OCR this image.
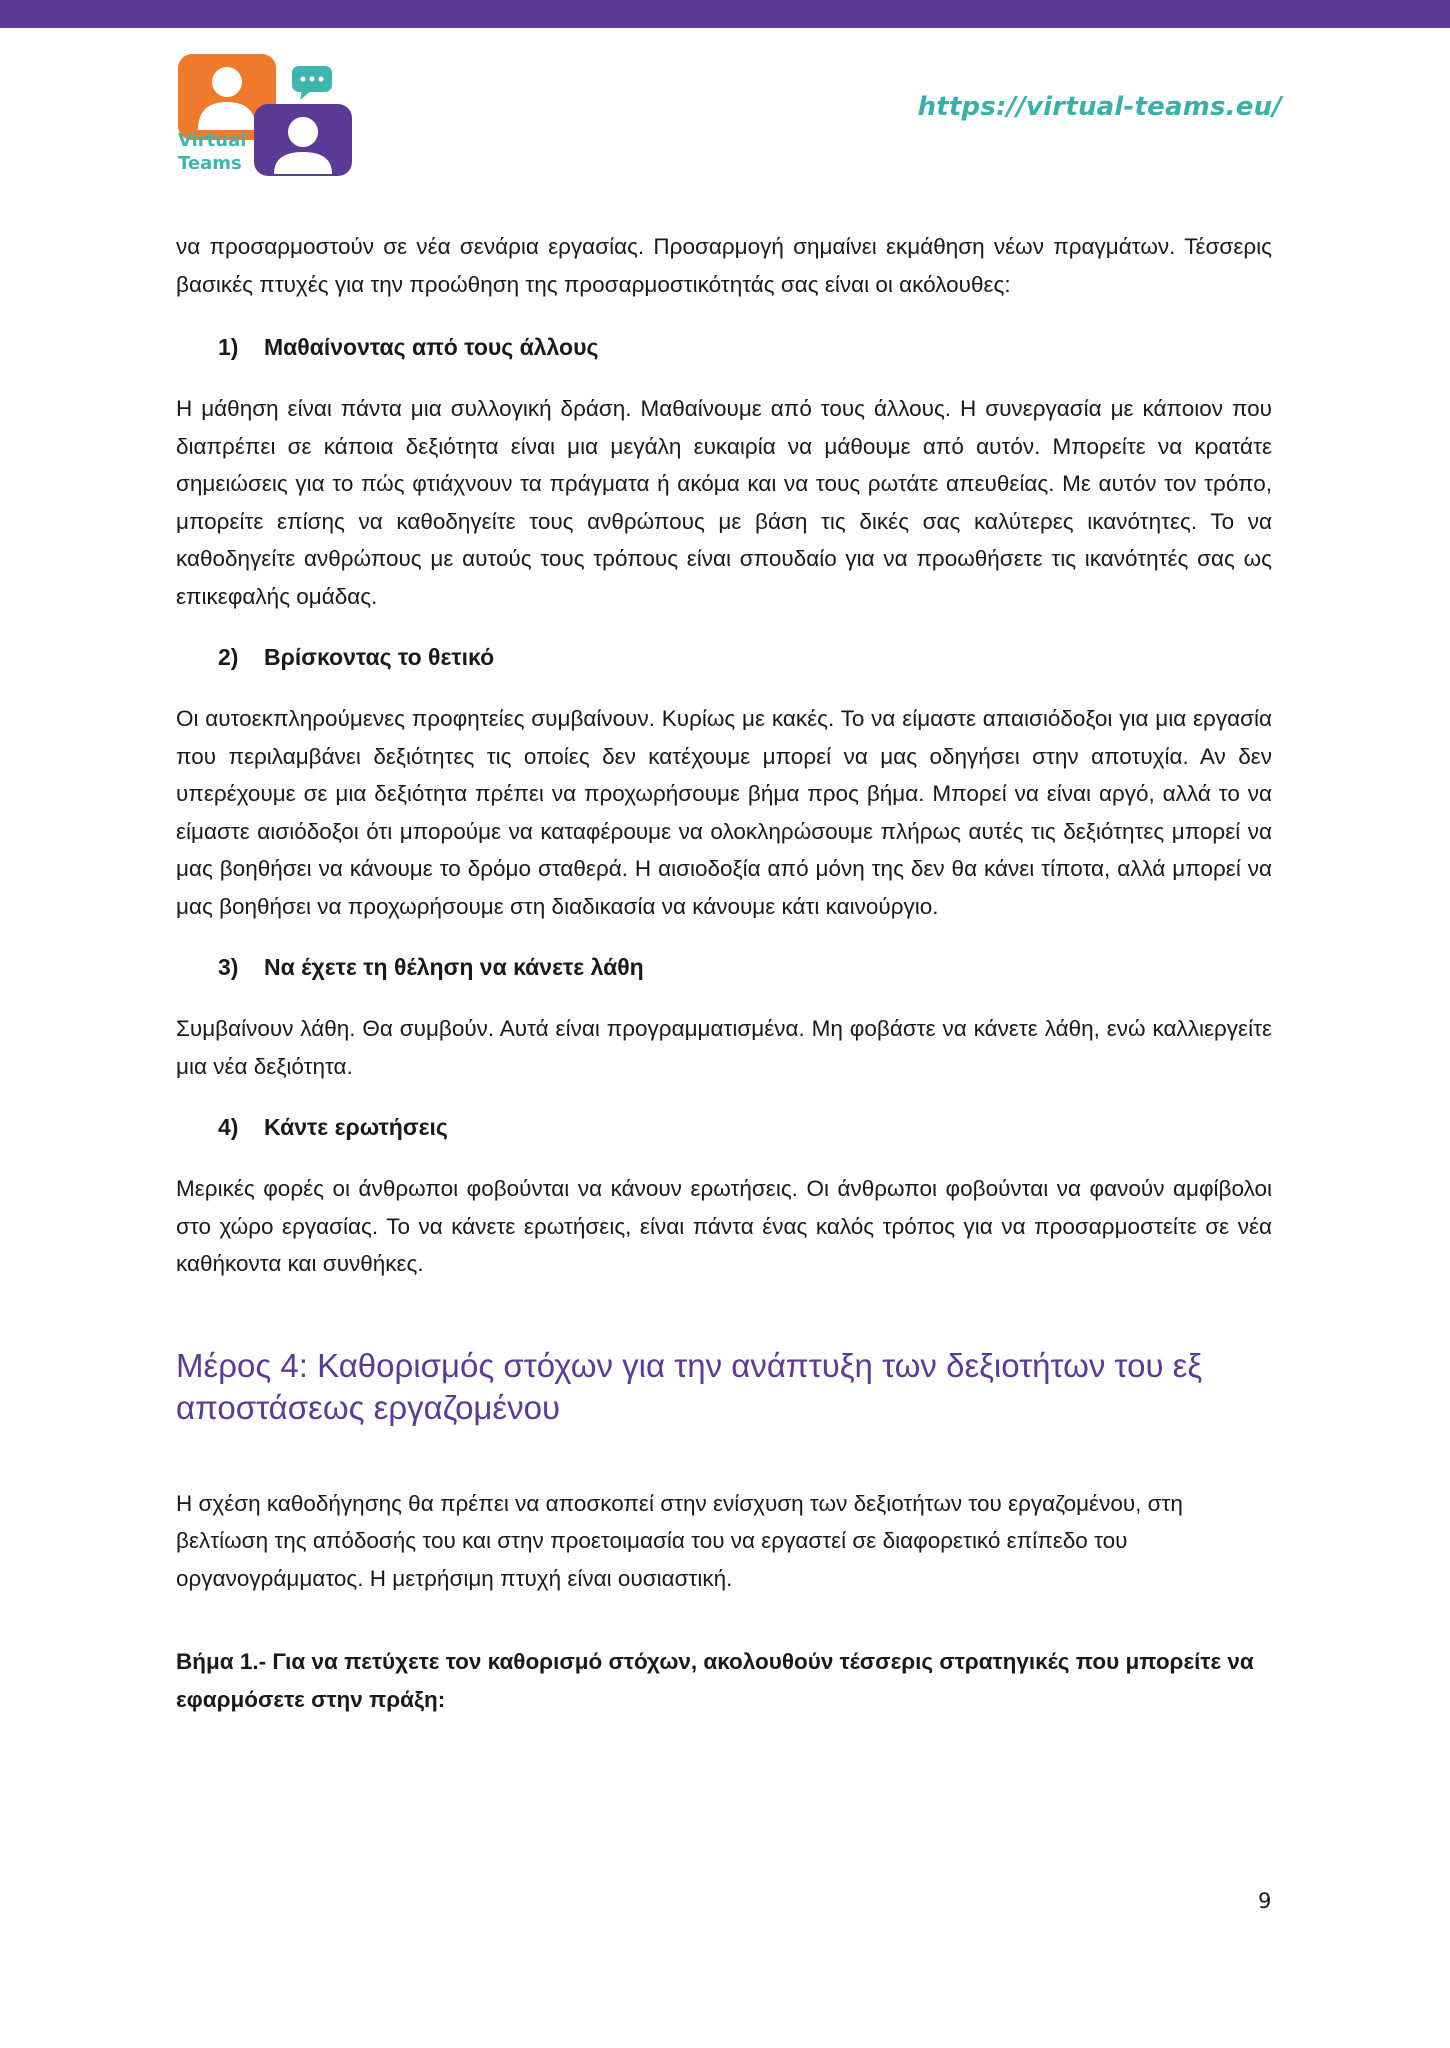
Virtual
Teams
https://virtual-teams.eu/

να προσαρμοστούν σε νέα σενάρια εργασίας. Προσαρμογή σημαίνει εκμάθηση νέων πραγμάτων. Τέσσερις βασικές πτυχές για την προώθηση της προσαρμοστικότητάς σας είναι οι ακόλουθες:

1)	Μαθαίνοντας από τους άλλους

Η μάθηση είναι πάντα μια συλλογική δράση. Μαθαίνουμε από τους άλλους. Η συνεργασία με κάποιον που διαπρέπει σε κάποια δεξιότητα είναι μια μεγάλη ευκαιρία να μάθουμε από αυτόν. Μπορείτε να κρατάτε σημειώσεις για το πώς φτιάχνουν τα πράγματα ή ακόμα και να τους ρωτάτε απευθείας. Με αυτόν τον τρόπο, μπορείτε επίσης να καθοδηγείτε τους ανθρώπους με βάση τις δικές σας καλύτερες ικανότητες. Το να καθοδηγείτε ανθρώπους με αυτούς τους τρόπους είναι σπουδαίο για να προωθήσετε τις ικανότητές σας ως επικεφαλής ομάδας.

2)	Βρίσκοντας το θετικό

Οι αυτοεκπληρούμενες προφητείες συμβαίνουν. Κυρίως με κακές. Το να είμαστε απαισιόδοξοι για μια εργασία που περιλαμβάνει δεξιότητες τις οποίες δεν κατέχουμε μπορεί να μας οδηγήσει στην αποτυχία. Αν δεν υπερέχουμε σε μια δεξιότητα πρέπει να προχωρήσουμε βήμα προς βήμα. Μπορεί να είναι αργό, αλλά το να είμαστε αισιόδοξοι ότι μπορούμε να καταφέρουμε να ολοκληρώσουμε πλήρως αυτές τις δεξιότητες μπορεί να μας βοηθήσει να κάνουμε το δρόμο σταθερά. Η αισιοδοξία από μόνη της δεν θα κάνει τίποτα, αλλά μπορεί να μας βοηθήσει να προχωρήσουμε στη διαδικασία να κάνουμε κάτι καινούργιο.

3)	Να έχετε τη θέληση να κάνετε λάθη

Συμβαίνουν λάθη. Θα συμβούν. Αυτά είναι προγραμματισμένα. Μη φοβάστε να κάνετε λάθη, ενώ καλλιεργείτε μια νέα δεξιότητα.

4)	Κάντε ερωτήσεις

Μερικές φορές οι άνθρωποι φοβούνται να κάνουν ερωτήσεις. Οι άνθρωποι φοβούνται να φανούν αμφίβολοι στο χώρο εργασίας. Το να κάνετε ερωτήσεις, είναι πάντα ένας καλός τρόπος για να προσαρμοστείτε σε νέα καθήκοντα και συνθήκες.

Μέρος 4: Καθορισμός στόχων για την ανάπτυξη των δεξιοτήτων του εξ αποστάσεως εργαζομένου

Η σχέση καθοδήγησης θα πρέπει να αποσκοπεί στην ενίσχυση των δεξιοτήτων του εργαζομένου, στη βελτίωση της απόδοσής του και στην προετοιμασία του να εργαστεί σε διαφορετικό επίπεδο του οργανογράμματος. Η μετρήσιμη πτυχή είναι ουσιαστική.

Βήμα 1.- Για να πετύχετε τον καθορισμό στόχων, ακολουθούν τέσσερις στρατηγικές που μπορείτε να εφαρμόσετε στην πράξη:

9
